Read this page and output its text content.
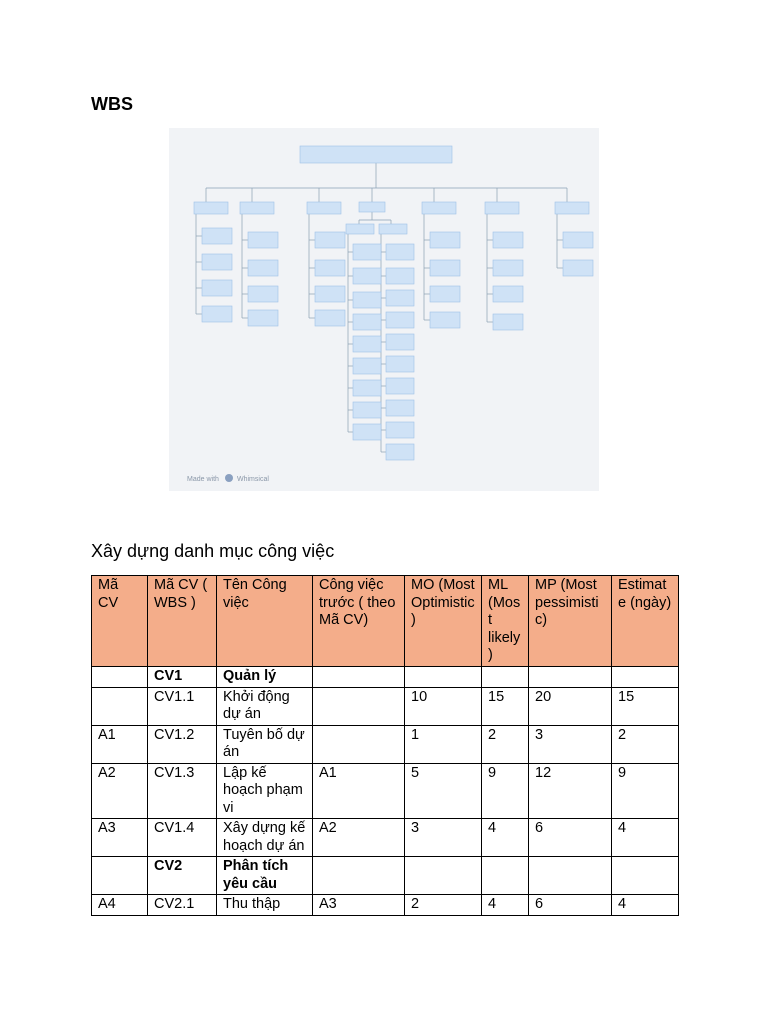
WBS
Made with	Whimsical
Xây dựng danh mục công việc
Mã CV	Mã CV ( WBS )	Tên Công việc	Công việc trước ( theo Mã CV)	MO (Most Optimistic)	ML (Most likely )	MP (Most pessimistic)	Estimate (ngày)
	CV1	Quản lý					
	CV1.1	Khởi động dự án		10	15	20	15
A1	CV1.2	Tuyên bố dự án		1	2	3	2
A2	CV1.3	Lập kế hoạch phạm vi	A1	5	9	12	9
A3	CV1.4	Xây dựng kế hoạch dự án	A2	3	4	6	4
	CV2	Phân tích yêu cầu					
A4	CV2.1	Thu thập	A3	2	4	6	4
